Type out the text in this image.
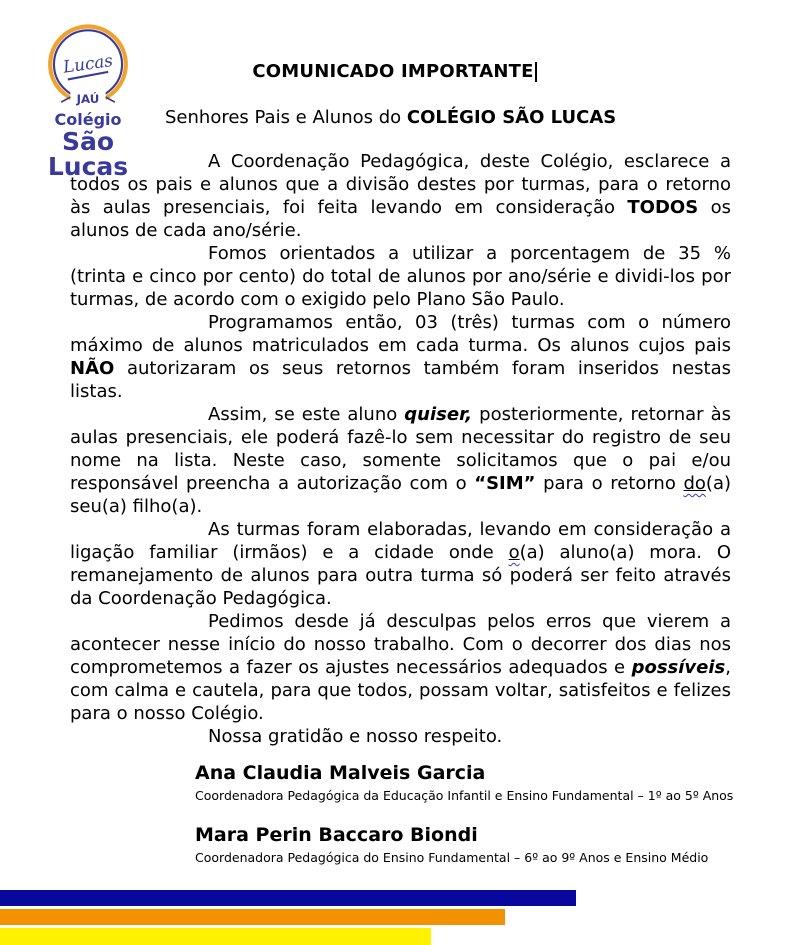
Lucas
JAÚ
Colégio
São Lucas
COMUNICADO IMPORTANTE
Senhores Pais e Alunos do COLÉGIO SÃO LUCAS

A Coordenação Pedagógica, deste Colégio, esclarece a todos os pais e alunos que a divisão destes por turmas, para o retorno às aulas presenciais, foi feita levando em consideração TODOS os alunos de cada ano/série.

Fomos orientados a utilizar a porcentagem de 35 % (trinta e cinco por cento) do total de alunos por ano/série e dividi-los por turmas, de acordo com o exigido pelo Plano São Paulo.

Programamos então, 03 (três) turmas com o número máximo de alunos matriculados em cada turma. Os alunos cujos pais NÃO autorizaram os seus retornos também foram inseridos nestas listas.

Assim, se este aluno quiser, posteriormente, retornar às aulas presenciais, ele poderá fazê-lo sem necessitar do registro de seu nome na lista. Neste caso, somente solicitamos que o pai e/ou responsável preencha a autorização com o “SIM” para o retorno do(a) seu(a) filho(a).

As turmas foram elaboradas, levando em consideração a ligação familiar (irmãos) e a cidade onde o(a) aluno(a) mora. O remanejamento de alunos para outra turma só poderá ser feito através da Coordenação Pedagógica.

Pedimos desde já desculpas pelos erros que vierem a acontecer nesse início do nosso trabalho. Com o decorrer dos dias nos comprometemos a fazer os ajustes necessários adequados e possíveis, com calma e cautela, para que todos, possam voltar, satisfeitos e felizes para o nosso Colégio.

Nossa gratidão e nosso respeito.

Ana Claudia Malveis Garcia
Coordenadora Pedagógica da Educação Infantil e Ensino Fundamental – 1º ao 5º Anos
Mara Perin Baccaro Biondi
Coordenadora Pedagógica do Ensino Fundamental – 6º ao 9º Anos e Ensino Médio
